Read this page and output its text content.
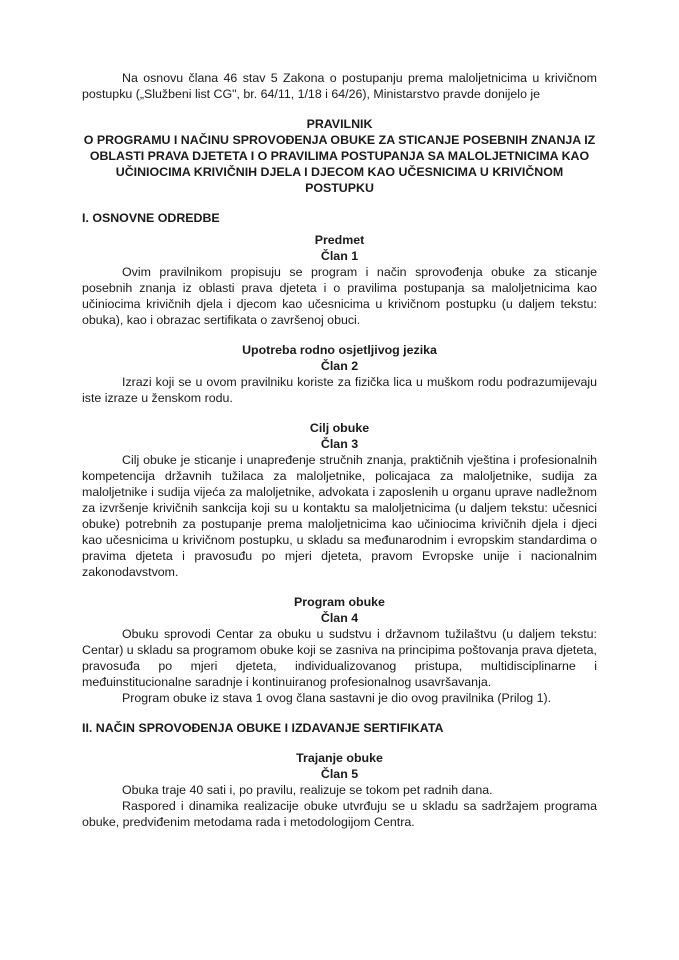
Na osnovu člana 46 stav 5 Zakona o postupanju prema maloljetnicima u krivičnom postupku („Službeni list CG", br. 64/11, 1/18 i 64/26), Ministarstvo pravde donijelo je

PRAVILNIK
O PROGRAMU I NAČINU SPROVOĐENJA OBUKE ZA STICANJE POSEBNIH ZNANJA IZ
OBLASTI PRAVA DJETETA I O PRAVILIMA POSTUPANJA SA MALOLJETNICIMA KAO
UČINIOCIMA KRIVIČNIH DJELA I DJECOM KAO UČESNICIMA U KRIVIČNOM POSTUPKU
I. OSNOVNE ODREDBE
Predmet
Član 1

Ovim pravilnikom propisuju se program i način sprovođenja obuke za sticanje posebnih znanja iz oblasti prava djeteta i o pravilima postupanja sa maloljetnicima kao učiniocima krivičnih djela i djecom kao učesnicima u krivičnom postupku (u daljem tekstu: obuka), kao i obrazac sertifikata o završenoj obuci.

Upotreba rodno osjetljivog jezika
Član 2

Izrazi koji se u ovom pravilniku koriste za fizička lica u muškom rodu podrazumijevaju iste izraze u ženskom rodu.

Cilj obuke
Član 3

Cilj obuke je sticanje i unapređenje stručnih znanja, praktičnih vještina i profesionalnih kompetencija državnih tužilaca za maloljetnike, policajaca za maloljetnike, sudija za maloljetnike i sudija vijeća za maloljetnike, advokata i zaposlenih u organu uprave nadležnom za izvršenje krivičnih sankcija koji su u kontaktu sa maloljetnicima (u daljem tekstu: učesnici obuke) potrebnih za postupanje prema maloljetnicima kao učiniocima krivičnih djela i djeci kao učesnicima u krivičnom postupku, u skladu sa međunarodnim i evropskim standardima o pravima djeteta i pravosuđu po mjeri djeteta, pravom Evropske unije i nacionalnim zakonodavstvom.

Program obuke
Član 4

Obuku sprovodi Centar za obuku u sudstvu i državnom tužilaštvu (u daljem tekstu: Centar) u skladu sa programom obuke koji se zasniva na principima poštovanja prava djeteta, pravosuđa po mjeri djeteta, individualizovanog pristupa, multidisciplinarne i međuinstitucionalne saradnje i kontinuiranog profesionalnog usavršavanja.

Program obuke iz stava 1 ovog člana sastavni je dio ovog pravilnika (Prilog 1).

II. NAČIN SPROVOĐENJA OBUKE I IZDAVANJE SERTIFIKATA
Trajanje obuke
Član 5

Obuka traje 40 sati i, po pravilu, realizuje se tokom pet radnih dana.

Raspored i dinamika realizacije obuke utvrđuju se u skladu sa sadržajem programa obuke, predviđenim metodama rada i metodologijom Centra.
